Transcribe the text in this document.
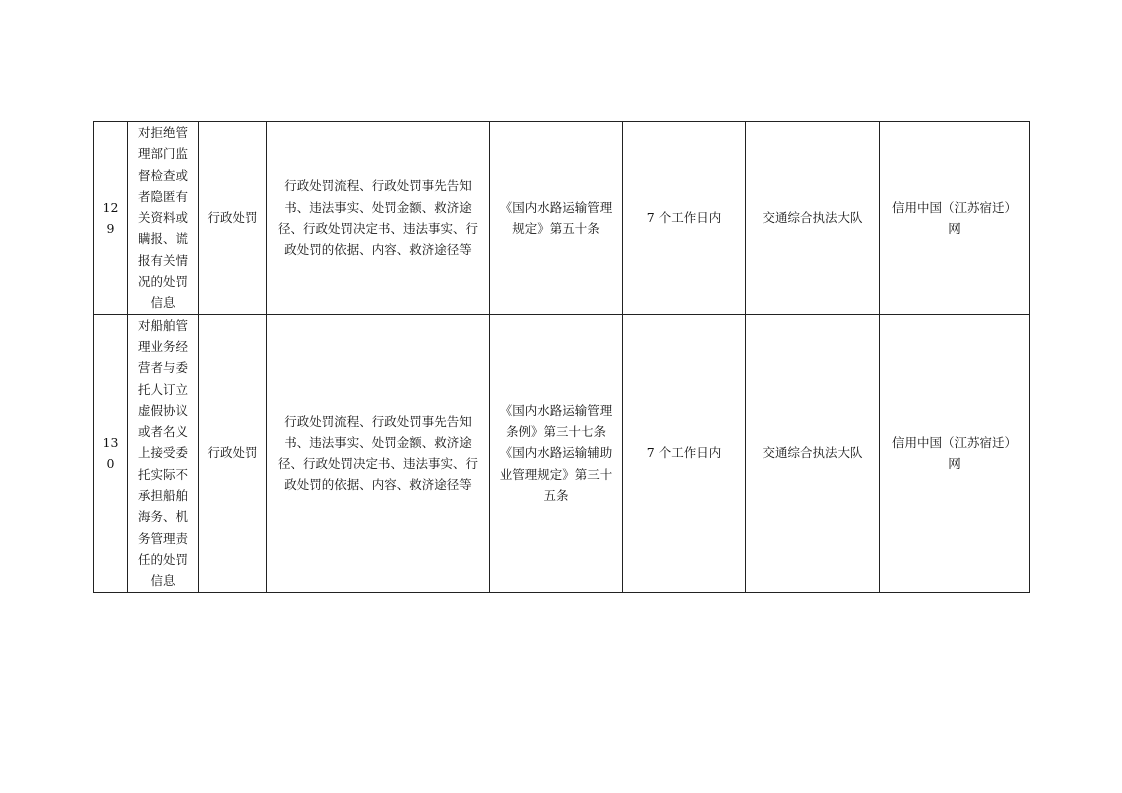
129	对拒绝管理部门监督检查或者隐匿有关资料或瞒报、谎报有关情况的处罚信息	行政处罚	行政处罚流程、行政处罚事先告知书、违法事实、处罚金额、救济途径、行政处罚决定书、违法事实、行政处罚的依据、内容、救济途径等	《国内水路运输管理规定》第五十条	7 个工作日内	交通综合执法大队	信用中国（江苏宿迁）网
130	对船舶管理业务经营者与委托人订立虚假协议或者名义上接受委托实际不承担船舶海务、机务管理责任的处罚信息	行政处罚	行政处罚流程、行政处罚事先告知书、违法事实、处罚金额、救济途径、行政处罚决定书、违法事实、行政处罚的依据、内容、救济途径等	《国内水路运输管理条例》第三十七条《国内水路运输辅助业管理规定》第三十五条	7 个工作日内	交通综合执法大队	信用中国（江苏宿迁）网
